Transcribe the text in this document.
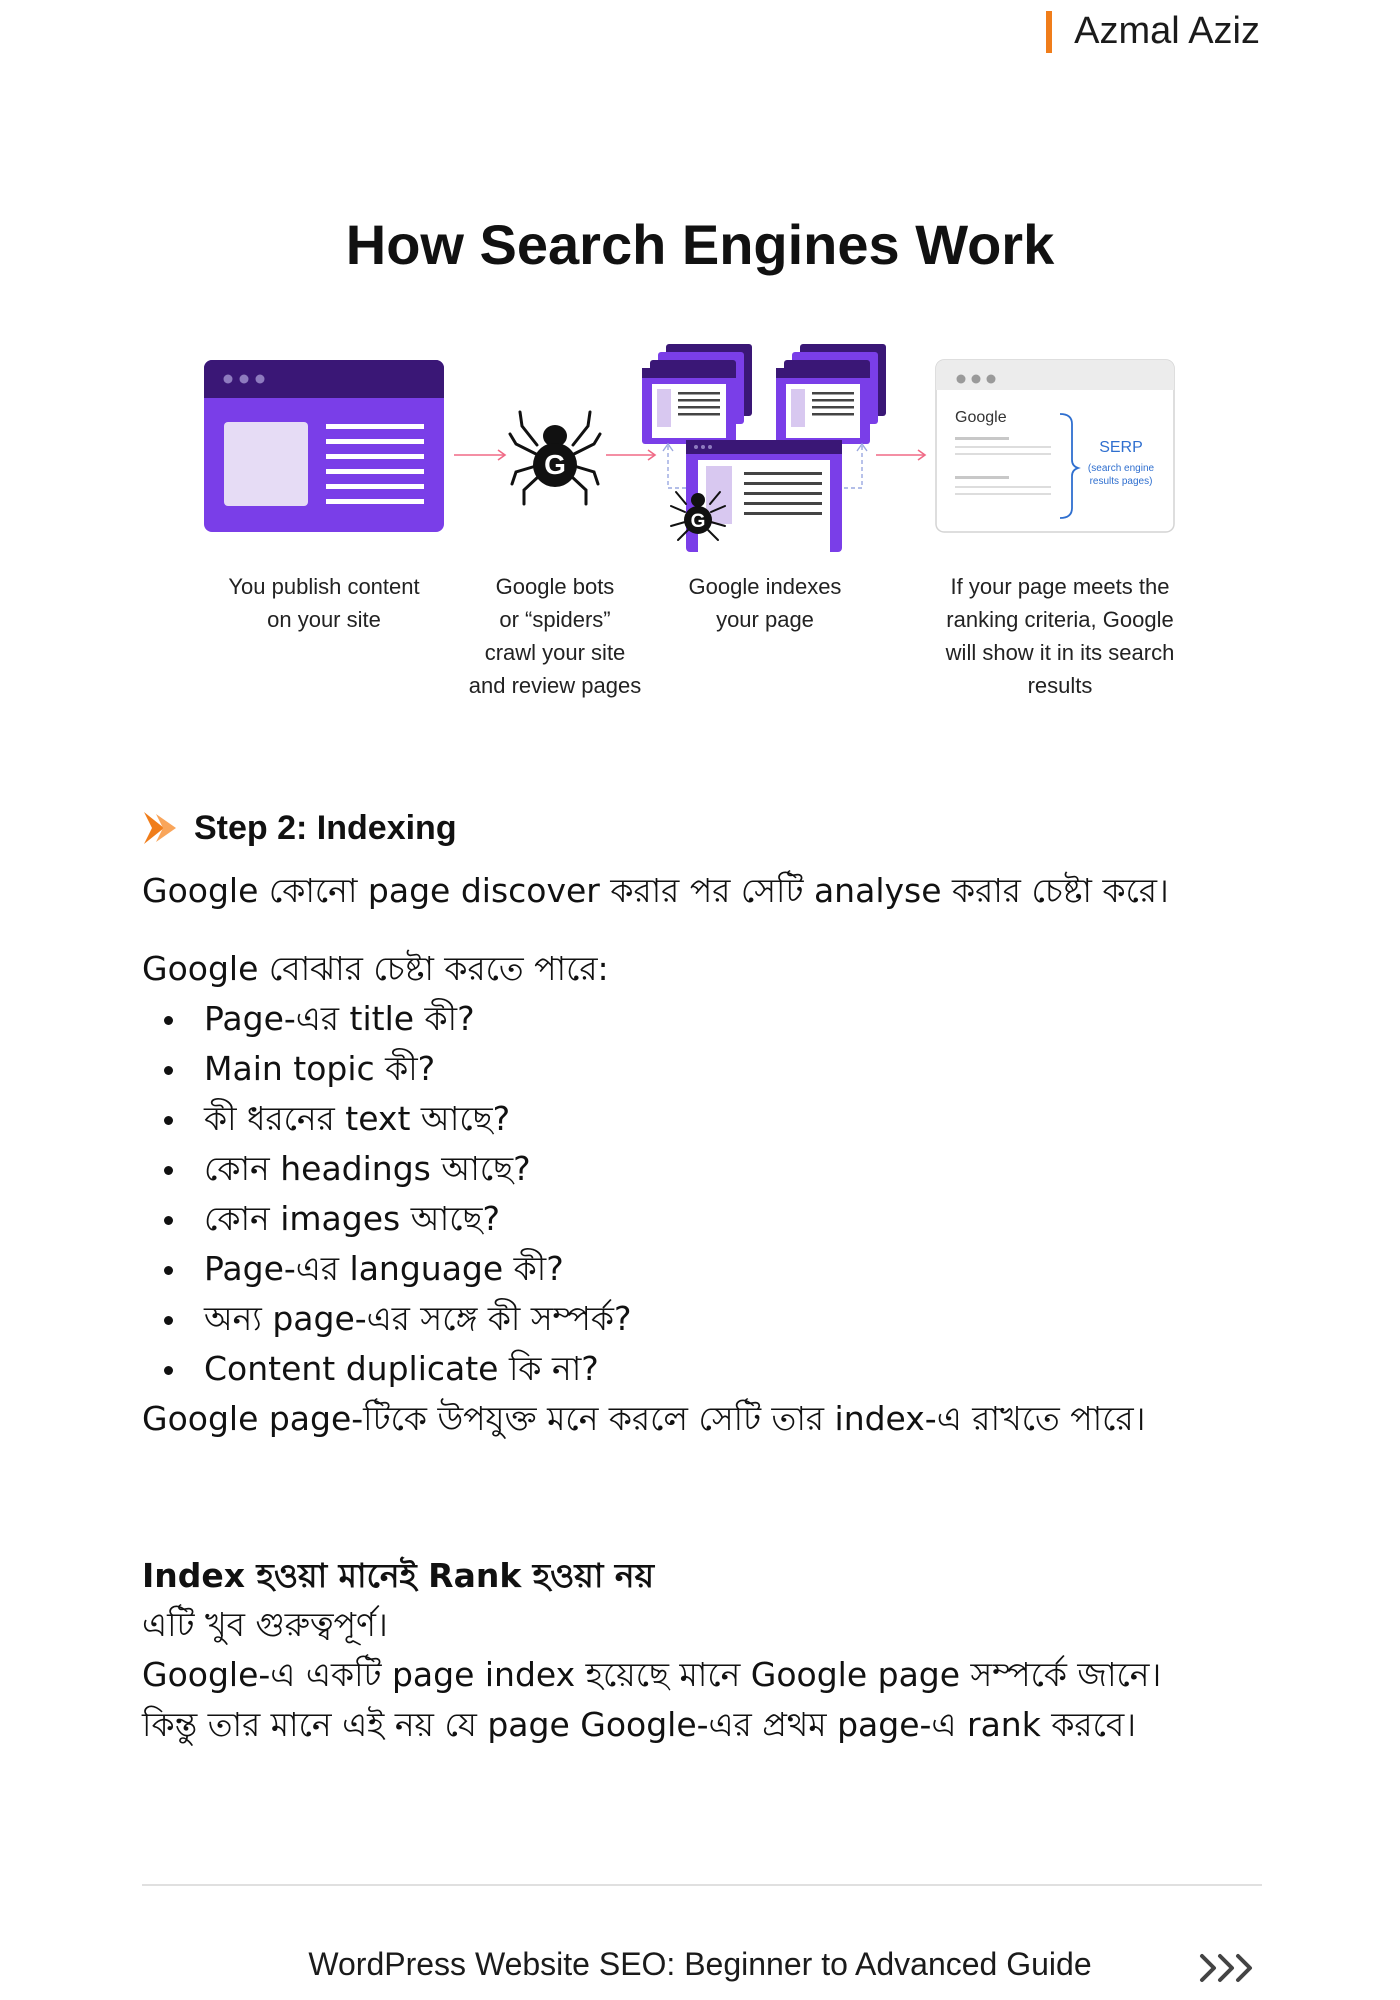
Azmal Aziz
How Search Engines Work
G
G
Google
SERP
(search engine
results pages)
You publish content
on your site
Google bots
or “spiders”
crawl your site
and review pages
Google indexes
your page
If your page meets the
ranking criteria, Google
will show it in its search
results
Step 2: Indexing

Google কোনো page discover করার পর সেটি analyse করার চেষ্টা করে।

Google বোঝার চেষ্টা করতে পারে:

Page-এর title কী?
Main topic কী?
কী ধরনের text আছে?
কোন headings আছে?
কোন images আছে?
Page-এর language কী?
অন্য page-এর সঙ্গে কী সম্পর্ক?
Content duplicate কি না?

Google page-টিকে উপযুক্ত মনে করলে সেটি তার index-এ রাখতে পারে।

Index হওয়া মানেই Rank হওয়া নয়

এটি খুব গুরুত্বপূর্ণ।

Google-এ একটি page index হয়েছে মানে Google page সম্পর্কে জানে।

কিন্তু তার মানে এই নয় যে page Google-এর প্রথম page-এ rank করবে।

WordPress Website SEO: Beginner to Advanced Guide
